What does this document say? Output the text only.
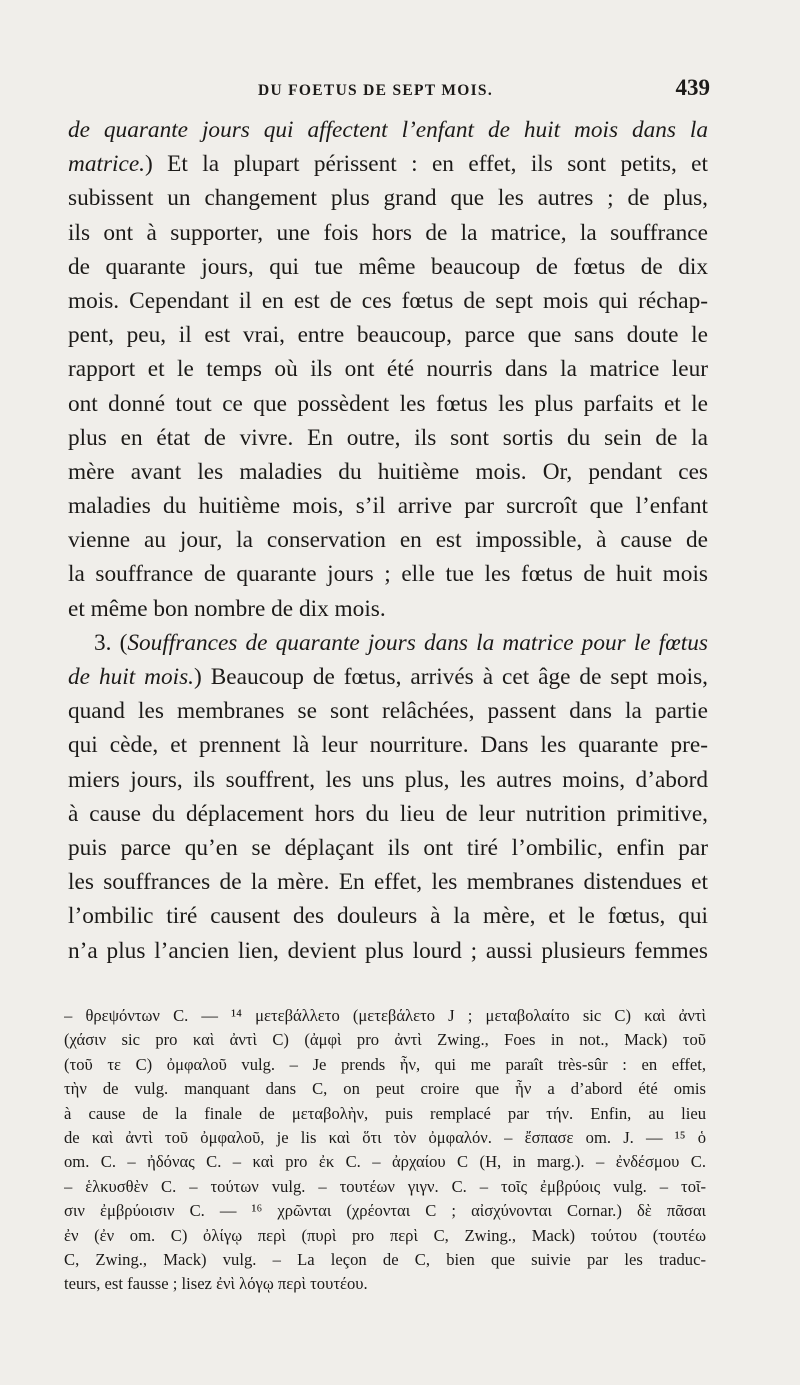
DU FOETUS DE SEPT MOIS.	439
de quarante jours qui affectent l’enfant de huit mois dans la
matrice.) Et la plupart périssent : en effet, ils sont petits, et
subissent un changement plus grand que les autres ; de plus,
ils ont à supporter, une fois hors de la matrice, la souffrance
de quarante jours, qui tue même beaucoup de fœtus de dix
mois. Cependant il en est de ces fœtus de sept mois qui réchap-
pent, peu, il est vrai, entre beaucoup, parce que sans doute le
rapport et le temps où ils ont été nourris dans la matrice leur
ont donné tout ce que possèdent les fœtus les plus parfaits et le
plus en état de vivre. En outre, ils sont sortis du sein de la
mère avant les maladies du huitième mois. Or, pendant ces
maladies du huitième mois, s’il arrive par surcroît que l’enfant
vienne au jour, la conservation en est impossible, à cause de
la souffrance de quarante jours ; elle tue les fœtus de huit mois
et même bon nombre de dix mois.
3. (Souffrances de quarante jours dans la matrice pour le fœtus
de huit mois.) Beaucoup de fœtus, arrivés à cet âge de sept mois,
quand les membranes se sont relâchées, passent dans la partie
qui cède, et prennent là leur nourriture. Dans les quarante pre-
miers jours, ils souffrent, les uns plus, les autres moins, d’abord
à cause du déplacement hors du lieu de leur nutrition primitive,
puis parce qu’en se déplaçant ils ont tiré l’ombilic, enfin par
les souffrances de la mère. En effet, les membranes distendues et
l’ombilic tiré causent des douleurs à la mère, et le fœtus, qui
n’a plus l’ancien lien, devient plus lourd ; aussi plusieurs femmes
– θρεψόντων C. — ¹⁴ μετεβάλλετο (μετεβάλετο J ; μεταβολαίτο sic C) καὶ ἀντὶ
(χάσιν sic pro καὶ ἀντὶ C) (ἀμφὶ pro ἀντὶ Zwing., Foes in not., Mack) τοῦ
(τοῦ τε C) ὀμφαλοῦ vulg. – Je prends ἦν, qui me paraît très-sûr : en effet,
τὴν de vulg. manquant dans C, on peut croire que ἦν a d’abord été omis
à cause de la finale de μεταβολὴν, puis remplacé par τήν. Enfin, au lieu
de καὶ ἀντὶ τοῦ ὀμφαλοῦ, je lis καὶ ὅτι τὸν ὀμφαλόν. – ἔσπασε om. J. — ¹⁵ ὁ
om. C. – ἠδόνας C. – καὶ pro ἐκ C. – ἀρχαίου C (H, in marg.). – ἐνδέσμου C.
– ἑλκυσθὲν C. – τούτων vulg. – τουτέων γιγν. C. – τοῖς ἐμβρύοις vulg. – τοῖ-
σιν ἐμβρύοισιν C. — ¹⁶ χρῶνται (χρέονται C ; αἰσχύνονται Cornar.) δὲ πᾶσαι
ἐν (ἐν om. C) ὀλίγῳ περὶ (πυρὶ pro περὶ C, Zwing., Mack) τούτου (τουτέω
C, Zwing., Mack) vulg. – La leçon de C, bien que suivie par les traduc-
teurs, est fausse ; lisez ἐνὶ λόγῳ περὶ τουτέου.
